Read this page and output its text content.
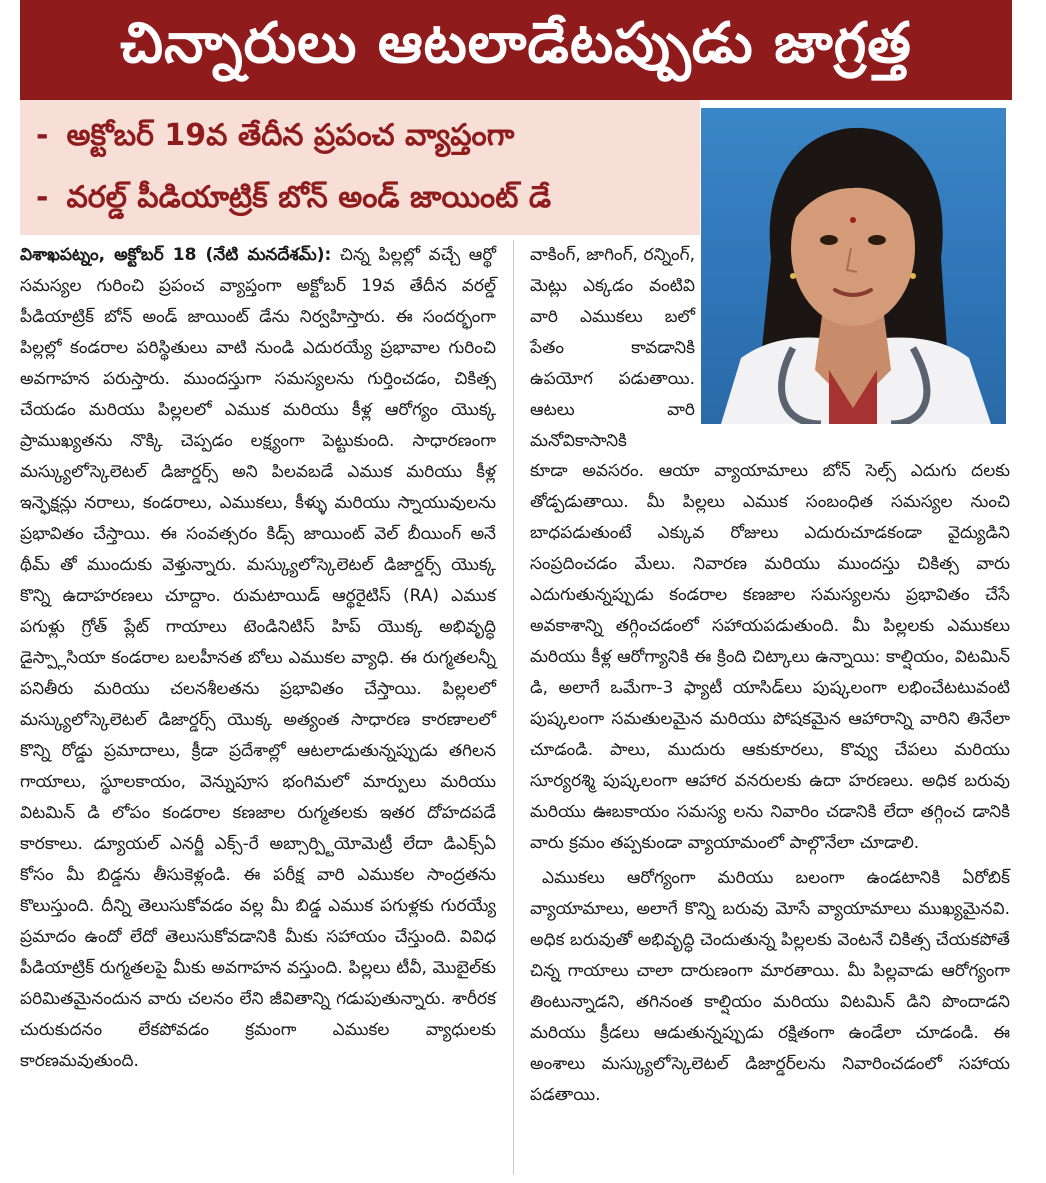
చిన్నారులు ఆటలాడేటప్పుడు జాగ్రత్త
- అక్టోబర్ 19వ తేదీన ప్రపంచ వ్యాప్తంగా
- వరల్డ్ పీడియాట్రిక్ బోన్ అండ్ జాయింట్ డే

విశాఖపట్నం, అక్టోబర్ 18 (నేటి మనదేశమ్): చిన్న పిల్లల్లో వచ్చే ఆర్థో సమస్యల గురించి ప్రపంచ వ్యాప్తంగా అక్టోబర్ 19వ తేదీన వరల్డ్ పీడియాట్రిక్ బోన్ అండ్ జాయింట్ డేను నిర్వహిస్తారు. ఈ సందర్భంగా పిల్లల్లో కండరాల పరిస్థితులు వాటి నుండి ఎదురయ్యే ప్రభావాల గురించి అవగాహన పరుస్తారు. ముందస్తుగా సమస్యలను గుర్తించడం, చికిత్స చేయడం మరియు పిల్లలలో ఎముక మరియు కీళ్ల ఆరోగ్యం యొక్క ప్రాముఖ్యతను నొక్కి చెప్పడం లక్ష్యంగా పెట్టుకుంది. సాధారణంగా మస్క్యులోస్కెలెటల్ డిజార్డర్స్ అని పిలవబడే ఎముక మరియు కీళ్ల ఇన్ఫెక్షన్లు నరాలు, కండరాలు, ఎముకలు, కీళ్ళు మరియు స్నాయువులను ప్రభావితం చేస్తాయి. ఈ సంవత్సరం కిడ్స్ జాయింట్ వెల్ బీయింగ్ అనే థీమ్ తో ముందుకు వెళ్తున్నారు. మస్క్యులోస్కెలెటల్ డిజార్డర్స్ యొక్క కొన్ని ఉదాహరణలు చూద్దాం. రుమటాయిడ్ ఆర్థరైటిస్ (RA) ఎముక పగుళ్లు గ్రోత్ ప్లేట్ గాయాలు టెండినిటిస్ హిప్ యొక్క అభివృద్ధి డైస్ప్లాసియా కండరాల బలహీనత బోలు ఎముకల వ్యాధి. ఈ రుగ్మతలన్నీ పనితీరు మరియు చలనశీలతను ప్రభావితం చేస్తాయి. పిల్లలలో మస్క్యులోస్కెలెటల్ డిజార్డర్స్ యొక్క అత్యంత సాధారణ కారణాలలో కొన్ని రోడ్డు ప్రమాదాలు, క్రీడా ప్రదేశాల్లో ఆటలాడుతున్నప్పుడు తగిలన గాయాలు, స్థూలకాయం, వెన్నుపూస భంగిమలో మార్పులు మరియు విటమిన్ డి లోపం కండరాల కణజాల రుగ్మతలకు ఇతర దోహదపడే కారకాలు. డ్యూయల్ ఎనర్జీ ఎక్స్-రే అబ్సార్ప్టియోమెట్రీ లేదా డిఎక్స్ఏ కోసం మీ బిడ్డను తీసుకెళ్లండి. ఈ పరీక్ష వారి ఎముకల సాంద్రతను కొలుస్తుంది. దీన్ని తెలుసుకోవడం వల్ల మీ బిడ్డ ఎముక పగుళ్లకు గురయ్యే ప్రమాదం ఉందో లేదో తెలుసుకోవడానికి మీకు సహాయం చేస్తుంది. వివిధ పీడియాట్రిక్ రుగ్మతలపై మీకు అవగాహన వస్తుంది. పిల్లలు టీవీ, మొబైల్‌కు పరిమితమైనందున వారు చలనం లేని జీవితాన్ని గడుపుతున్నారు. శారీరక చురుకుదనం లేకపోవడం క్రమంగా ఎముకల వ్యాధులకు కారణమవుతుంది.

వాకింగ్, జాగింగ్, రన్నింగ్, మెట్లు ఎక్కడం వంటివి వారి ఎముకలు బలో పేతం కావడానికి ఉపయోగ పడుతాయి. ఆటలు వారి మనోవికాసానికి

కూడా అవసరం. ఆయా వ్యాయామాలు బోన్ సెల్స్ ఎదుగు దలకు తోడ్పడుతాయి. మీ పిల్లలు ఎముక సంబంధిత సమస్యల నుంచి బాధపడుతుంటే ఎక్కువ రోజులు ఎదురుచూడకండా వైద్యుడిని సంప్రదించడం మేలు. నివారణ మరియు ముందస్తు చికిత్స వారు ఎదుగుతున్నప్పుడు కండరాల కణజాల సమస్యలను ప్రభావితం చేసే అవకాశాన్ని తగ్గించడంలో సహాయపడుతుంది. మీ పిల్లలకు ఎముకలు మరియు కీళ్ల ఆరోగ్యానికి ఈ క్రింది చిట్కాలు ఉన్నాయి: కాల్షియం, విటమిన్ డి, అలాగే ఒమేగా-3 ఫ్యాటీ యాసిడ్‌లు పుష్కలంగా లభించేటటువంటి పుష్కలంగా సమతులమైన మరియు పోషకమైన ఆహారాన్ని వారిని తినేలా చూడండి. పాలు, ముదురు ఆకుకూరలు, కొవ్వు చేపలు మరియు సూర్యరశ్మి పుష్కలంగా ఆహార వనరులకు ఉదా హరణలు. అధిక బరువు మరియు ఊబకాయం సమస్య లను నివారిం చడానికి లేదా తగ్గించ డానికి వారు క్రమం తప్పకుండా వ్యాయామంలో పాల్గొనేలా చూడాలి.

ఎముకలు ఆరోగ్యంగా మరియు బలంగా ఉండటానికి ఏరోబిక్ వ్యాయామాలు, అలాగే కొన్ని బరువు మోసే వ్యాయామాలు ముఖ్యమైనవి. అధిక బరువుతో అభివృద్ధి చెందుతున్న పిల్లలకు వెంటనే చికిత్స చేయకపోతే చిన్న గాయాలు చాలా దారుణంగా మారతాయి. మీ పిల్లవాడు ఆరోగ్యంగా తింటున్నాడని, తగినంత కాల్షియం మరియు విటమిన్ డిని పొందాడని మరియు క్రీడలు ఆడుతున్నప్పుడు రక్షితంగా ఉండేలా చూడండి. ఈ అంశాలు మస్క్యులోస్కెలెటల్ డిజార్డర్‌లను నివారించడంలో సహాయ పడతాయి.
